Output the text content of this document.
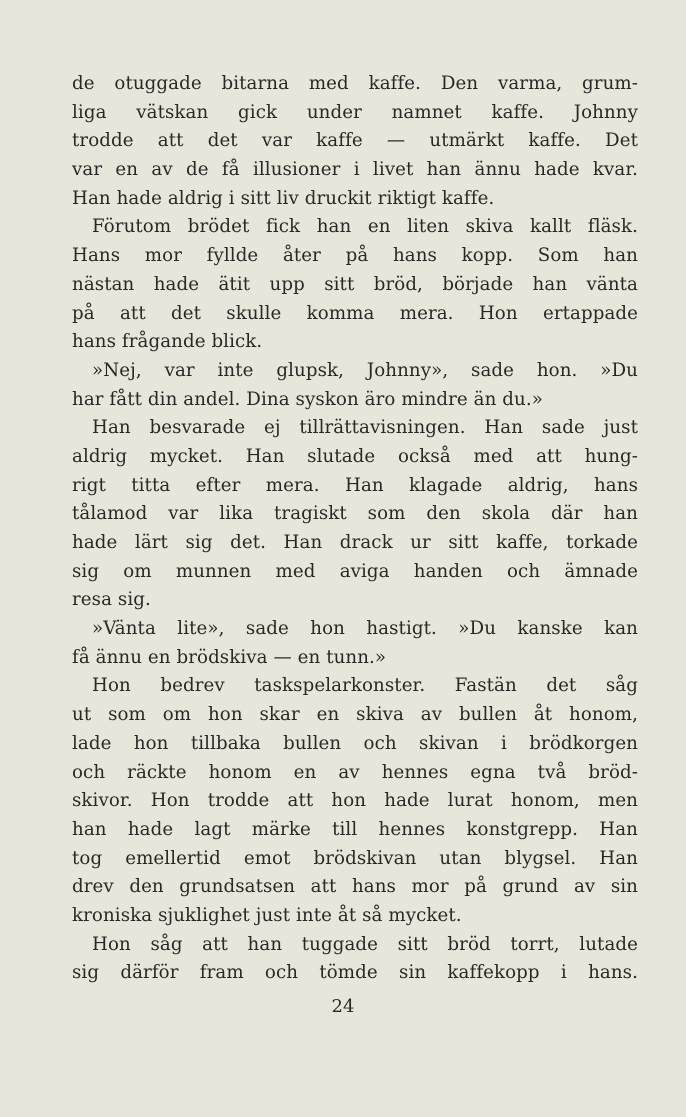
de otuggade bitarna med kaffe. Den varma, grum-
liga vätskan gick under namnet kaffe. Johnny
trodde att det var kaffe — utmärkt kaffe. Det
var en av de få illusioner i livet han ännu hade kvar.
Han hade aldrig i sitt liv druckit riktigt kaffe.
Förutom brödet fick han en liten skiva kallt fläsk.
Hans mor fyllde åter på hans kopp. Som han
nästan hade ätit upp sitt bröd, började han vänta
på att det skulle komma mera. Hon ertappade
hans frågande blick.
»Nej, var inte glupsk, Johnny», sade hon. »Du
har fått din andel. Dina syskon äro mindre än du.»
Han besvarade ej tillrättavisningen. Han sade just
aldrig mycket. Han slutade också med att hung-
rigt titta efter mera. Han klagade aldrig, hans
tålamod var lika tragiskt som den skola där han
hade lärt sig det. Han drack ur sitt kaffe, torkade
sig om munnen med aviga handen och ämnade
resa sig.
»Vänta lite», sade hon hastigt. »Du kanske kan
få ännu en brödskiva — en tunn.»
Hon bedrev taskspelarkonster. Fastän det såg
ut som om hon skar en skiva av bullen åt honom,
lade hon tillbaka bullen och skivan i brödkorgen
och räckte honom en av hennes egna två bröd-
skivor. Hon trodde att hon hade lurat honom, men
han hade lagt märke till hennes konstgrepp. Han
tog emellertid emot brödskivan utan blygsel. Han
drev den grundsatsen att hans mor på grund av sin
kroniska sjuklighet just inte åt så mycket.
Hon såg att han tuggade sitt bröd torrt, lutade
sig därför fram och tömde sin kaffekopp i hans.
24
